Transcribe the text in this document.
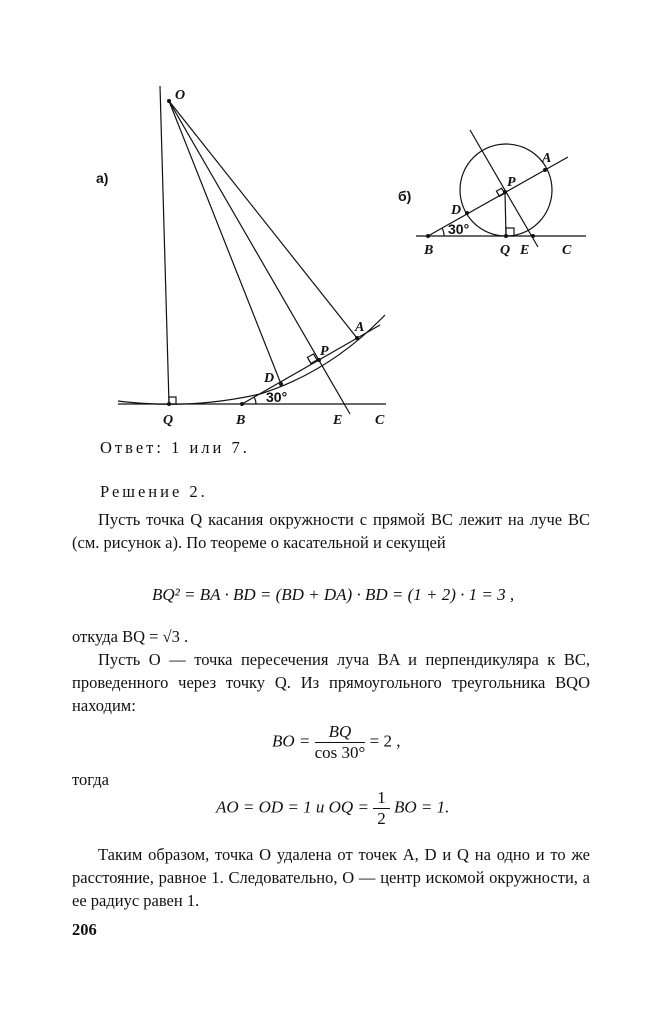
а)
O
Q	B	E C
D
P
A
30°
б)
A
P
D
B	Q E C
30°
Ответ: 1 или 7.
Решение 2.
Пусть точка Q касания окружности с прямой BC лежит на луче BC (см. рисунок а). По теореме о касательной и секущей
BQ² = BA · BD = (BD + DA) · BD = (1 + 2) · 1 = 3 ,
откуда BQ = √3 .
Пусть O — точка пересечения луча BA и перпендикуляра к BC, проведенного через точку Q. Из прямоугольного треугольника BQO находим:
BO = $\frac{BQ}{\cos 30^\circ} = 2$ ,
тогда
AO = OD = 1 и OQ = $\frac{1}{2}$ BO = 1.
Таким образом, точка O удалена от точек A, D и Q на одно и то же расстояние, равное 1. Следовательно, O — центр искомой окружности, а ее радиус равен 1.
206
